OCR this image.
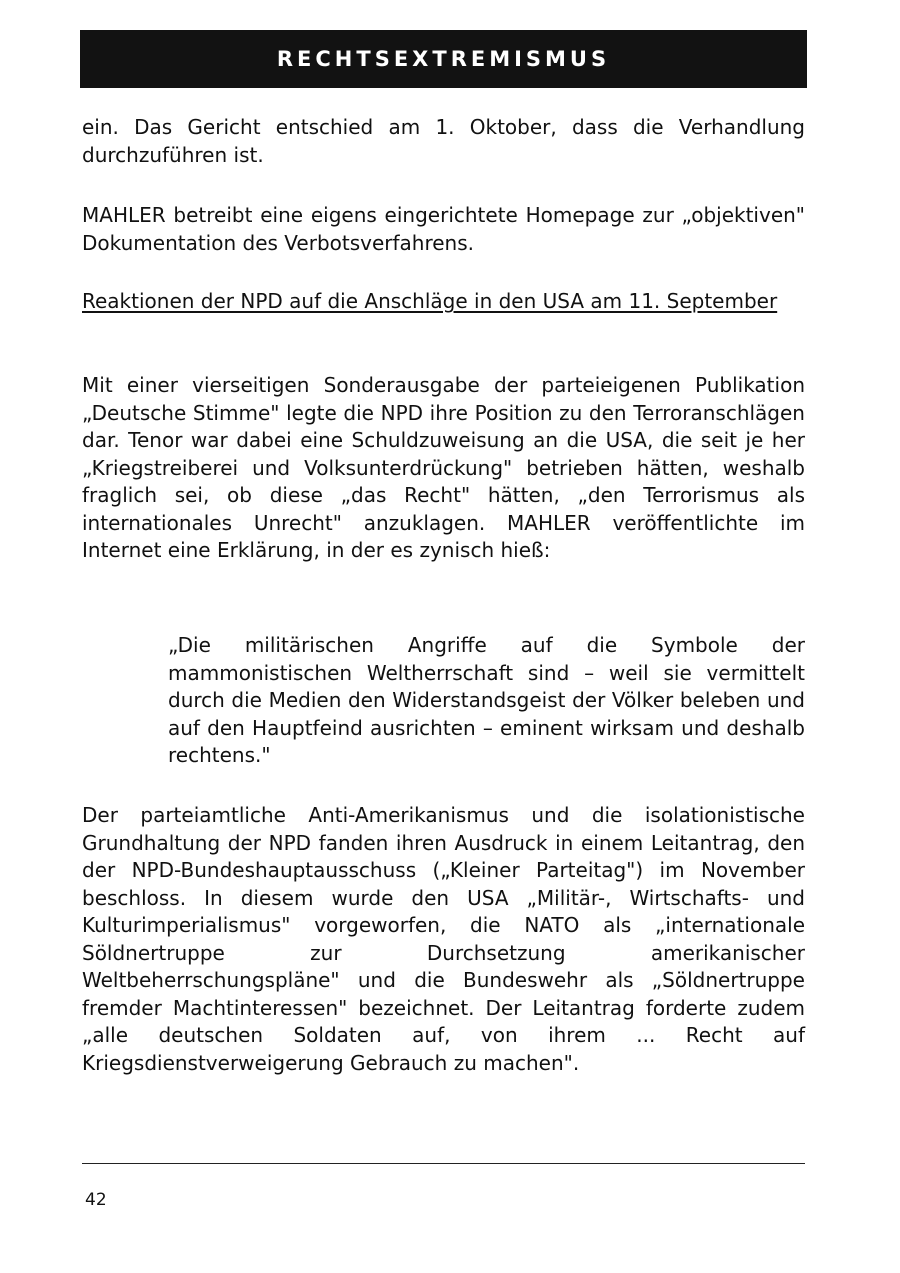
RECHTSEXTREMISMUS
ein. Das Gericht entschied am 1. Oktober, dass die Verhandlung durchzuführen ist.
MAHLER betreibt eine eigens eingerichtete Homepage zur „objektiven" Dokumentation des Verbotsverfahrens.
Reaktionen der NPD auf die Anschläge in den USA am 11. September
Mit einer vierseitigen Sonderausgabe der parteieigenen Publikation „Deutsche Stimme" legte die NPD ihre Position zu den Terroranschlägen dar. Tenor war dabei eine Schuldzuweisung an die USA, die seit je her „Kriegstreiberei und Volksunterdrückung" betrieben hätten, weshalb fraglich sei, ob diese „das Recht" hätten, „den Terrorismus als internationales Unrecht" anzuklagen. MAHLER veröffentlichte im Internet eine Erklärung, in der es zynisch hieß:
„Die militärischen Angriffe auf die Symbole der mammonistischen Weltherrschaft sind – weil sie vermittelt durch die Medien den Widerstandsgeist der Völker beleben und auf den Hauptfeind ausrichten – eminent wirksam und deshalb rechtens."
Der parteiamtliche Anti-Amerikanismus und die isolationistische Grundhaltung der NPD fanden ihren Ausdruck in einem Leitantrag, den der NPD-Bundeshauptausschuss („Kleiner Parteitag") im November beschloss. In diesem wurde den USA „Militär-, Wirtschafts- und Kulturimperialismus" vorgeworfen, die NATO als „internationale Söldnertruppe zur Durchsetzung amerikanischer Weltbeherrschungspläne" und die Bundeswehr als „Söldnertruppe fremder Machtinteressen" bezeichnet. Der Leitantrag forderte zudem „alle deutschen Soldaten auf, von ihrem ... Recht auf Kriegsdienstverweigerung Gebrauch zu machen".
42
